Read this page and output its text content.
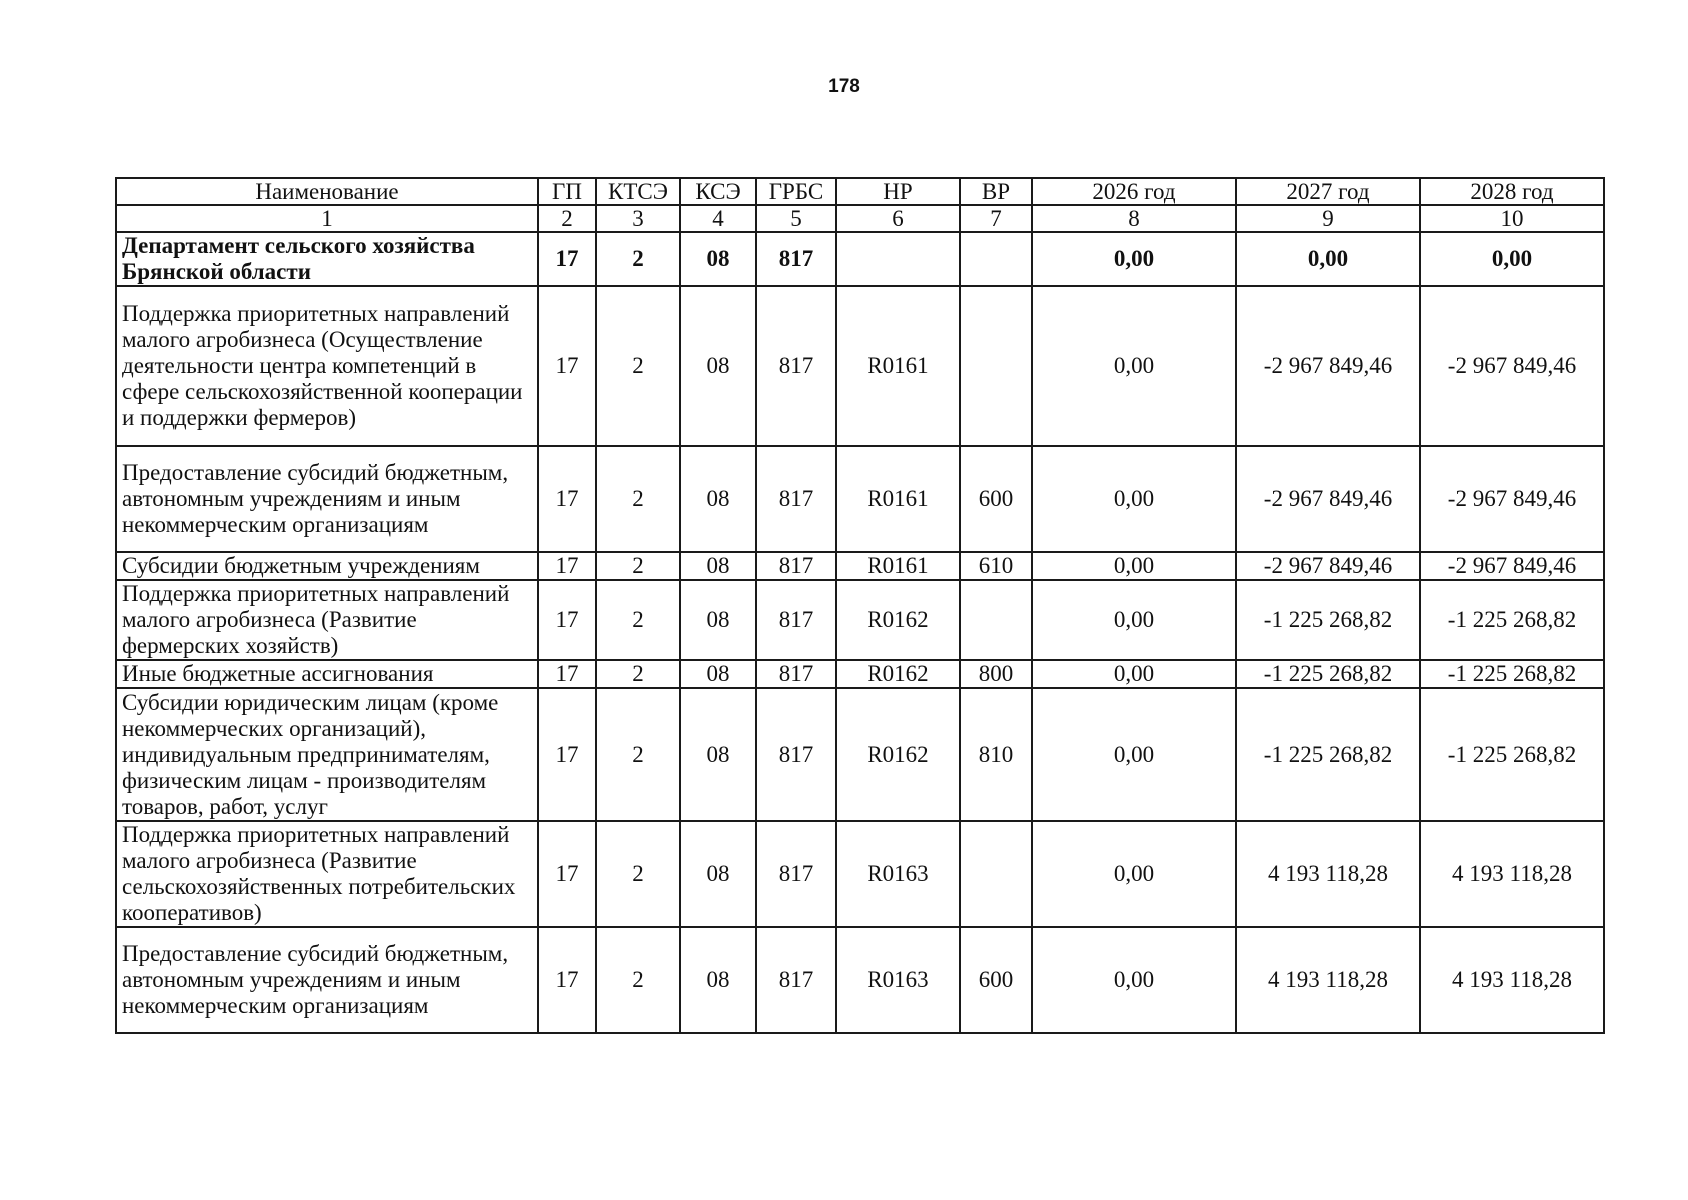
178
Наименование	ГП	КТСЭ	КСЭ	ГРБС	НР	ВР	2026 год	2027 год	2028 год
1	2	3	4	5	6	7	8	9	10
Департамент сельского хозяйства Брянской области	17	2	08	817			0,00	0,00	0,00
Поддержка приоритетных направлений малого агробизнеса (Осуществление деятельности центра компетенций в сфере сельскохозяйственной кооперации и поддержки фермеров)	17	2	08	817	R0161		0,00	-2 967 849,46	-2 967 849,46
Предоставление субсидий бюджетным, автономным учреждениям и иным некоммерческим организациям	17	2	08	817	R0161	600	0,00	-2 967 849,46	-2 967 849,46
Субсидии бюджетным учреждениям	17	2	08	817	R0161	610	0,00	-2 967 849,46	-2 967 849,46
Поддержка приоритетных направлений малого агробизнеса (Развитие фермерских хозяйств)	17	2	08	817	R0162		0,00	-1 225 268,82	-1 225 268,82
Иные бюджетные ассигнования	17	2	08	817	R0162	800	0,00	-1 225 268,82	-1 225 268,82
Субсидии юридическим лицам (кроме некоммерческих организаций), индивидуальным предпринимателям, физическим лицам - производителям товаров, работ, услуг	17	2	08	817	R0162	810	0,00	-1 225 268,82	-1 225 268,82
Поддержка приоритетных направлений малого агробизнеса (Развитие сельскохозяйственных потребительских кооперативов)	17	2	08	817	R0163		0,00	4 193 118,28	4 193 118,28
Предоставление субсидий бюджетным, автономным учреждениям и иным некоммерческим организациям	17	2	08	817	R0163	600	0,00	4 193 118,28	4 193 118,28
